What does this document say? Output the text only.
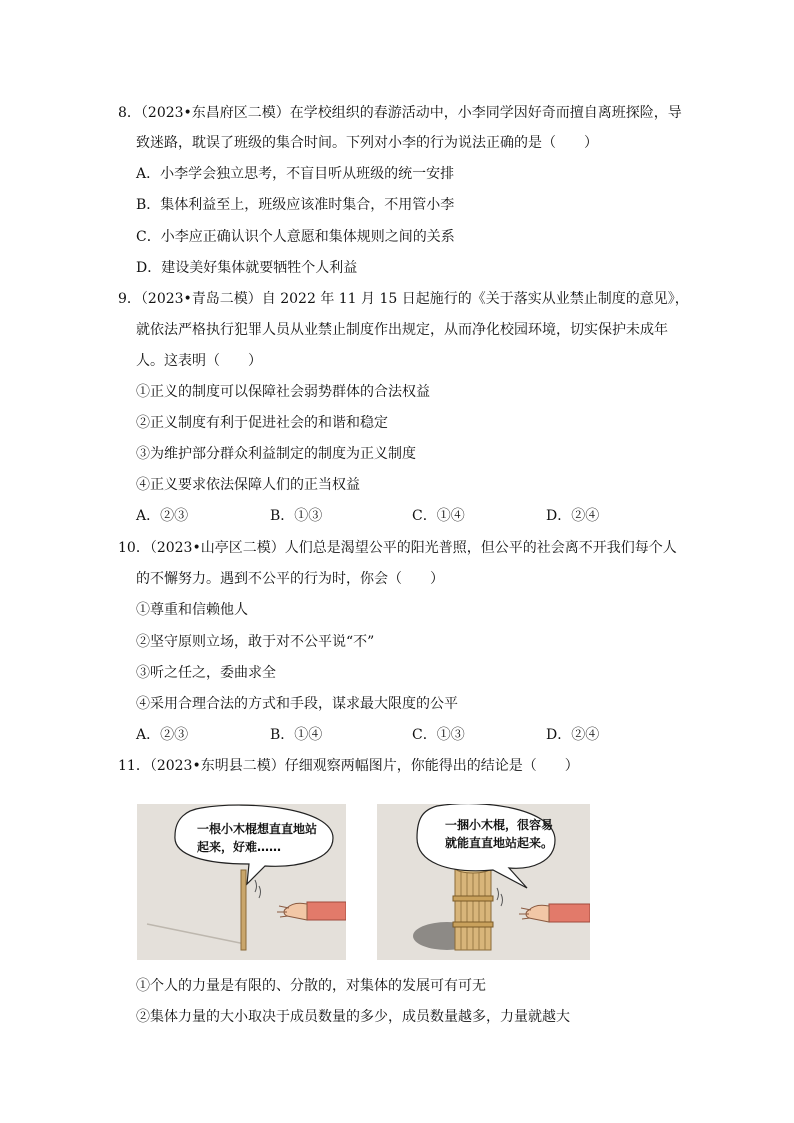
8．（2023•东昌府区二模）在学校组织的春游活动中，小李同学因好奇而擅自离班探险，导
致迷路，耽误了班级的集合时间。下列对小李的行为说法正确的是（　　）
A．小李学会独立思考，不盲目听从班级的统一安排
B．集体利益至上，班级应该准时集合，不用管小李
C．小李应正确认识个人意愿和集体规则之间的关系
D．建设美好集体就要牺牲个人利益
9．（2023•青岛二模）自 2022 年 11 月 15 日起施行的《关于落实从业禁止制度的意见》，
就依法严格执行犯罪人员从业禁止制度作出规定，从而净化校园环境，切实保护未成年
人。这表明（　　）
①正义的制度可以保障社会弱势群体的合法权益
②正义制度有利于促进社会的和谐和稳定
③为维护部分群众利益制定的制度为正义制度
④正义要求依法保障人们的正当权益
A．②③	B．①③	C．①④	D．②④
10．（2023•山亭区二模）人们总是渴望公平的阳光普照，但公平的社会离不开我们每个人
的不懈努力。遇到不公平的行为时，你会（　　）
①尊重和信赖他人
②坚守原则立场，敢于对不公平说“不”
③听之任之，委曲求全
④采用合理合法的方式和手段，谋求最大限度的公平
A．②③	B．①④	C．①③	D．②④
11．（2023•东明县二模）仔细观察两幅图片，你能得出的结论是（　　）
一根小木棍想直直地站起来，好难……
一捆小木棍，很容易就能直直地站起来。
①个人的力量是有限的、分散的，对集体的发展可有可无
②集体力量的大小取决于成员数量的多少，成员数量越多，力量就越大
